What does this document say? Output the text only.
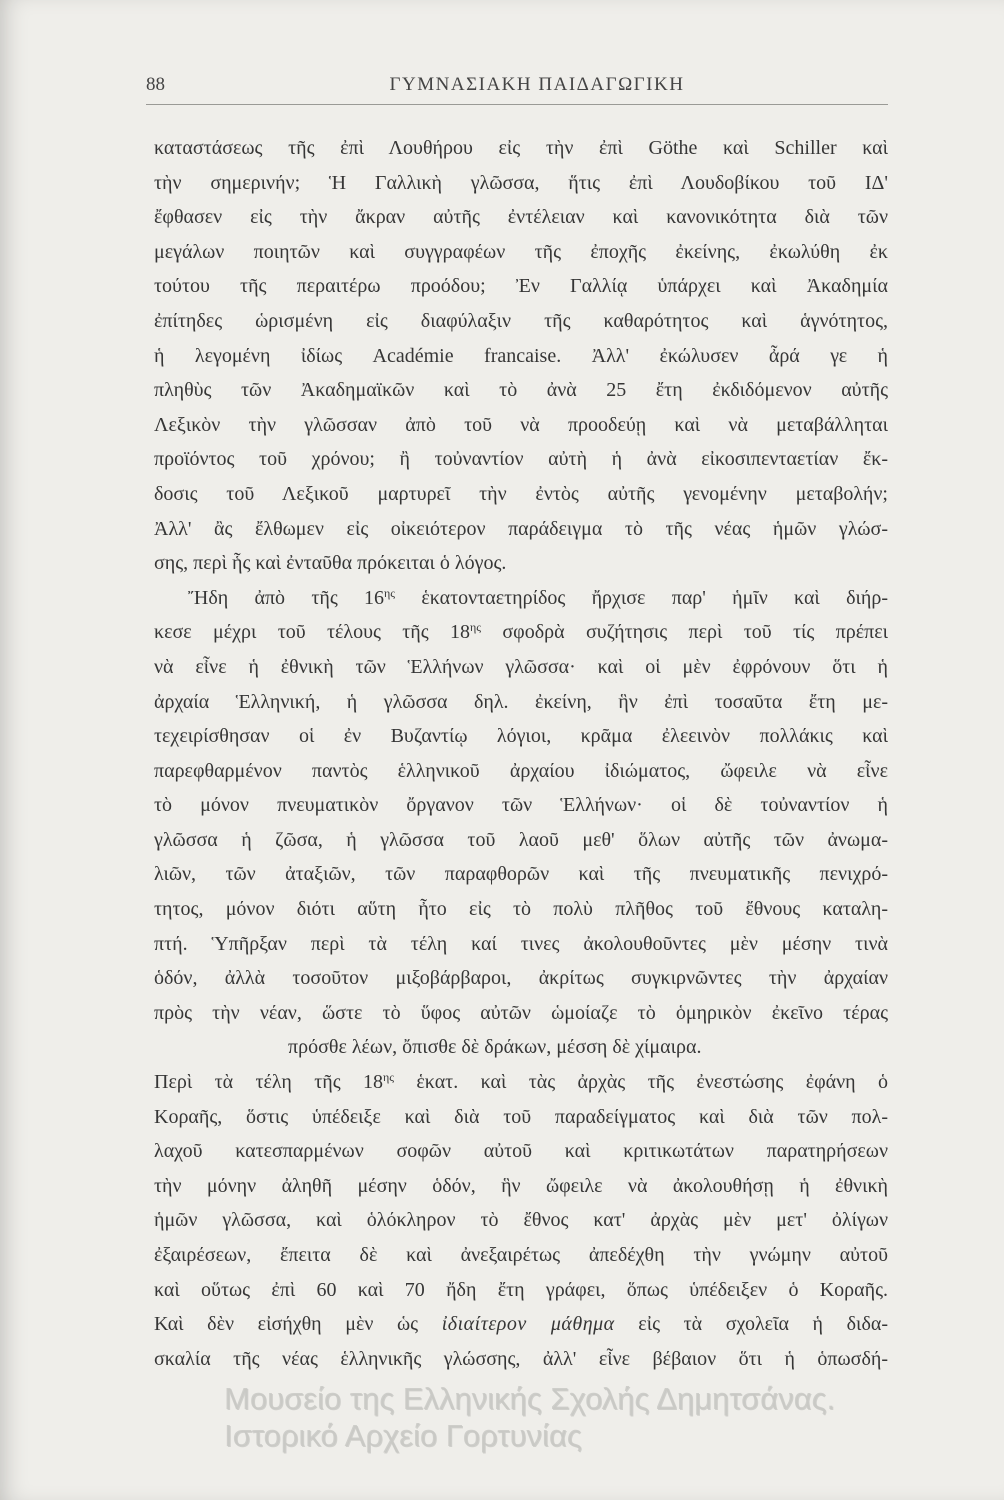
88	ΓΥΜΝΑΣΙΑΚΗ ΠΑΙΔΑΓΩΓΙΚΗ
καταστάσεως τῆς ἐπὶ Λουθήρου εἰς τὴν ἐπὶ Göthe καὶ Schiller καὶ
τὴν σημερινήν; Ἡ Γαλλικὴ γλῶσσα, ἥτις ἐπὶ Λουδοβίκου τοῦ ΙΔ'
ἔφθασεν εἰς τὴν ἄκραν αὐτῆς ἐντέλειαν καὶ κανονικότητα διὰ τῶν
μεγάλων ποιητῶν καὶ συγγραφέων τῆς ἐποχῆς ἐκείνης, ἐκωλύθη ἐκ
τούτου τῆς περαιτέρω προόδου; Ἐν Γαλλίᾳ ὑπάρχει καὶ Ἀκαδημία
ἐπίτηδες ὡρισμένη εἰς διαφύλαξιν τῆς καθαρότητος καὶ ἁγνότητος,
ἡ λεγομένη ἰδίως Académie francaise. Ἀλλ' ἐκώλυσεν ἆρά γε ἡ
πληθὺς τῶν Ἀκαδημαϊκῶν καὶ τὸ ἀνὰ 25 ἔτη ἐκδιδόμενον αὐτῆς
Λεξικὸν τὴν γλῶσσαν ἀπὸ τοῦ νὰ προοδεύῃ καὶ νὰ μεταβάλληται
προϊόντος τοῦ χρόνου; ἢ τοὐναντίον αὐτὴ ἡ ἀνὰ εἰκοσιπενταετίαν ἔκ-
δοσις τοῦ Λεξικοῦ μαρτυρεῖ τὴν ἐντὸς αὐτῆς γενομένην μεταβολήν;
Ἀλλ' ἂς ἔλθωμεν εἰς οἰκειότερον παράδειγμα τὸ τῆς νέας ἡμῶν γλώσ-
σης, περὶ ἧς καὶ ἐνταῦθα πρόκειται ὁ λόγος.
Ἤδη ἀπὸ τῆς $16^{\eta\varsigma}$ ἑκατονταετηρίδος ἤρχισε παρ' ἡμῖν καὶ διήρ-
κεσε μέχρι τοῦ τέλους τῆς $18^{\eta\varsigma}$ σφοδρὰ συζήτησις περὶ τοῦ τίς πρέπει
νὰ εἶνε ἡ ἐθνικὴ τῶν Ἑλλήνων γλῶσσα· καὶ οἱ μὲν ἐφρόνουν ὅτι ἡ
ἀρχαία Ἑλληνική, ἡ γλῶσσα δηλ. ἐκείνη, ἣν ἐπὶ τοσαῦτα ἔτη με-
τεχειρίσθησαν οἱ ἐν Βυζαντίῳ λόγιοι, κρᾶμα ἐλεεινὸν πολλάκις καὶ
παρεφθαρμένον παντὸς ἑλληνικοῦ ἀρχαίου ἰδιώματος, ὤφειλε νὰ εἶνε
τὸ μόνον πνευματικὸν ὄργανον τῶν Ἑλλήνων· οἱ δὲ τοὐναντίον ἡ
γλῶσσα ἡ ζῶσα, ἡ γλῶσσα τοῦ λαοῦ μεθ' ὅλων αὐτῆς τῶν ἀνωμα-
λιῶν, τῶν ἀταξιῶν, τῶν παραφθορῶν καὶ τῆς πνευματικῆς πενιχρό-
τητος, μόνον διότι αὕτη ἦτο εἰς τὸ πολὺ πλῆθος τοῦ ἔθνους καταλη-
πτή. Ὑπῆρξαν περὶ τὰ τέλη καί τινες ἀκολουθοῦντες μὲν μέσην τινὰ
ὁδόν, ἀλλὰ τοσοῦτον μιξοβάρβαροι, ἀκρίτως συγκιρνῶντες τὴν ἀρχαίαν
πρὸς τὴν νέαν, ὥστε τὸ ὕφος αὐτῶν ὡμοίαζε τὸ ὁμηρικὸν ἐκεῖνο τέρας
πρόσθε λέων, ὄπισθε δὲ δράκων, μέσση δὲ χίμαιρα.
Περὶ τὰ τέλη τῆς $18^{\eta\varsigma}$ ἑκατ. καὶ τὰς ἀρχὰς τῆς ἐνεστώσης ἐφάνη ὁ
Κοραῆς, ὅστις ὑπέδειξε καὶ διὰ τοῦ παραδείγματος καὶ διὰ τῶν πολ-
λαχοῦ κατεσπαρμένων σοφῶν αὐτοῦ καὶ κριτικωτάτων παρατηρήσεων
τὴν μόνην ἀληθῆ μέσην ὁδόν, ἣν ὤφειλε νὰ ἀκολουθήσῃ ἡ ἐθνικὴ
ἡμῶν γλῶσσα, καὶ ὁλόκληρον τὸ ἔθνος κατ' ἀρχὰς μὲν μετ' ὀλίγων
ἐξαιρέσεων, ἔπειτα δὲ καὶ ἀνεξαιρέτως ἀπεδέχθη τὴν γνώμην αὐτοῦ
καὶ οὕτως ἐπὶ 60 καὶ 70 ἤδη ἔτη γράφει, ὅπως ὑπέδειξεν ὁ Κοραῆς.
Καὶ δὲν εἰσήχθη μὲν ὡς ἰδιαίτερον μάθημα εἰς τὰ σχολεῖα ἡ διδα-
σκαλία τῆς νέας ἑλληνικῆς γλώσσης, ἀλλ' εἶνε βέβαιον ὅτι ἡ ὁπωσδή-
Μουσείο της Ελληνικής Σχολής Δημητσάνας.
Ιστορικό Αρχείο Γορτυνίας
